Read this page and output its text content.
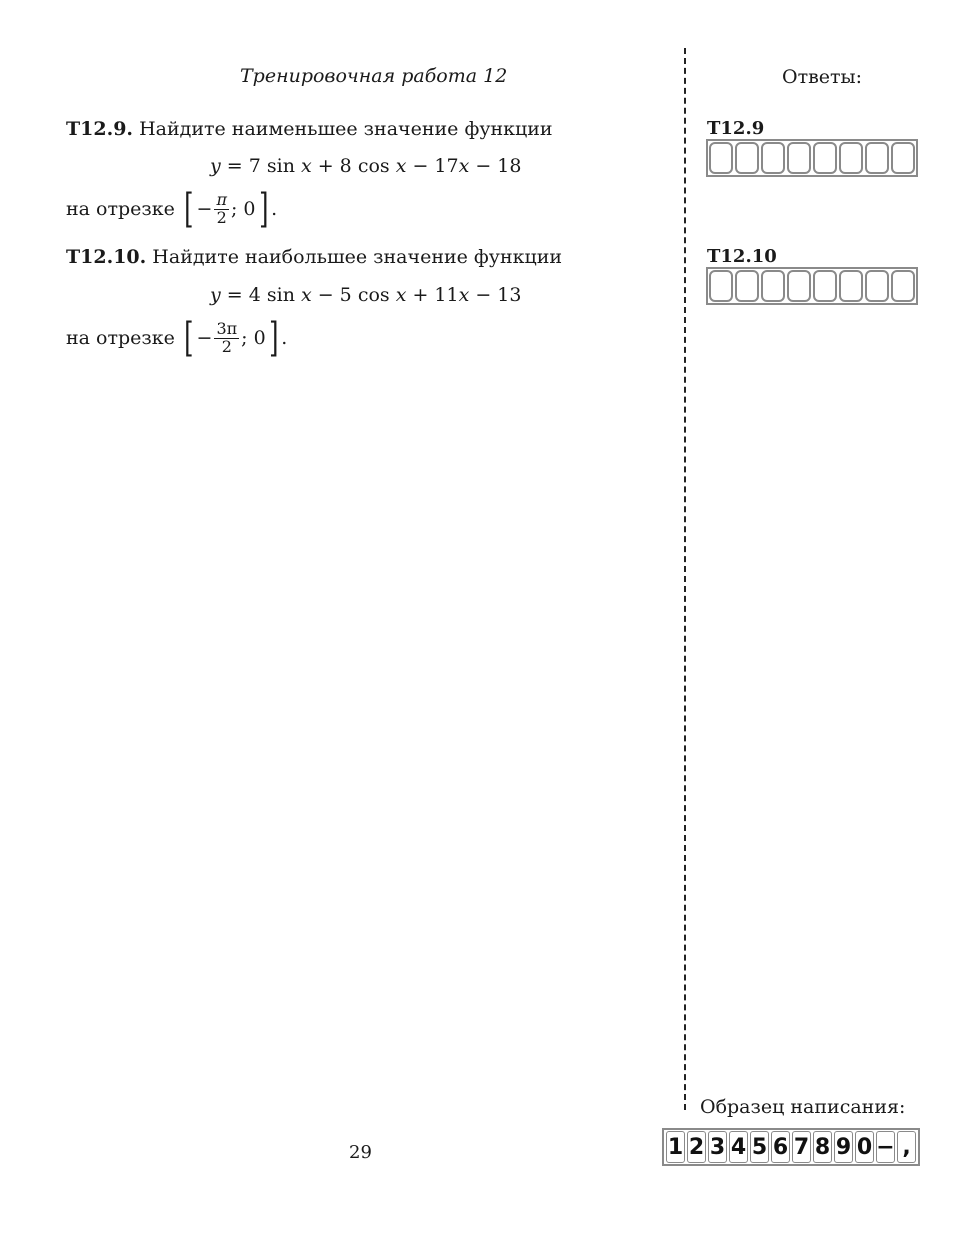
Тренировочная работа 12	Ответы:
T12.9. Найдите наименьшее значение функции
y = 7 sin x + 8 cos x − 17x − 18
на отрезке
[ − $\frac{\pi}{2}$ ; 0 ] .
T12.10. Найдите наибольшее значение функции
y = 4 sin x − 5 cos x + 11x − 13
на отрезке
[ − $\frac{3\pi}{2}$ ; 0 ] .
T12.9
T12.10
Образец написания:
1 2 3 4 5 6 7 8 9 0 − ,
29
